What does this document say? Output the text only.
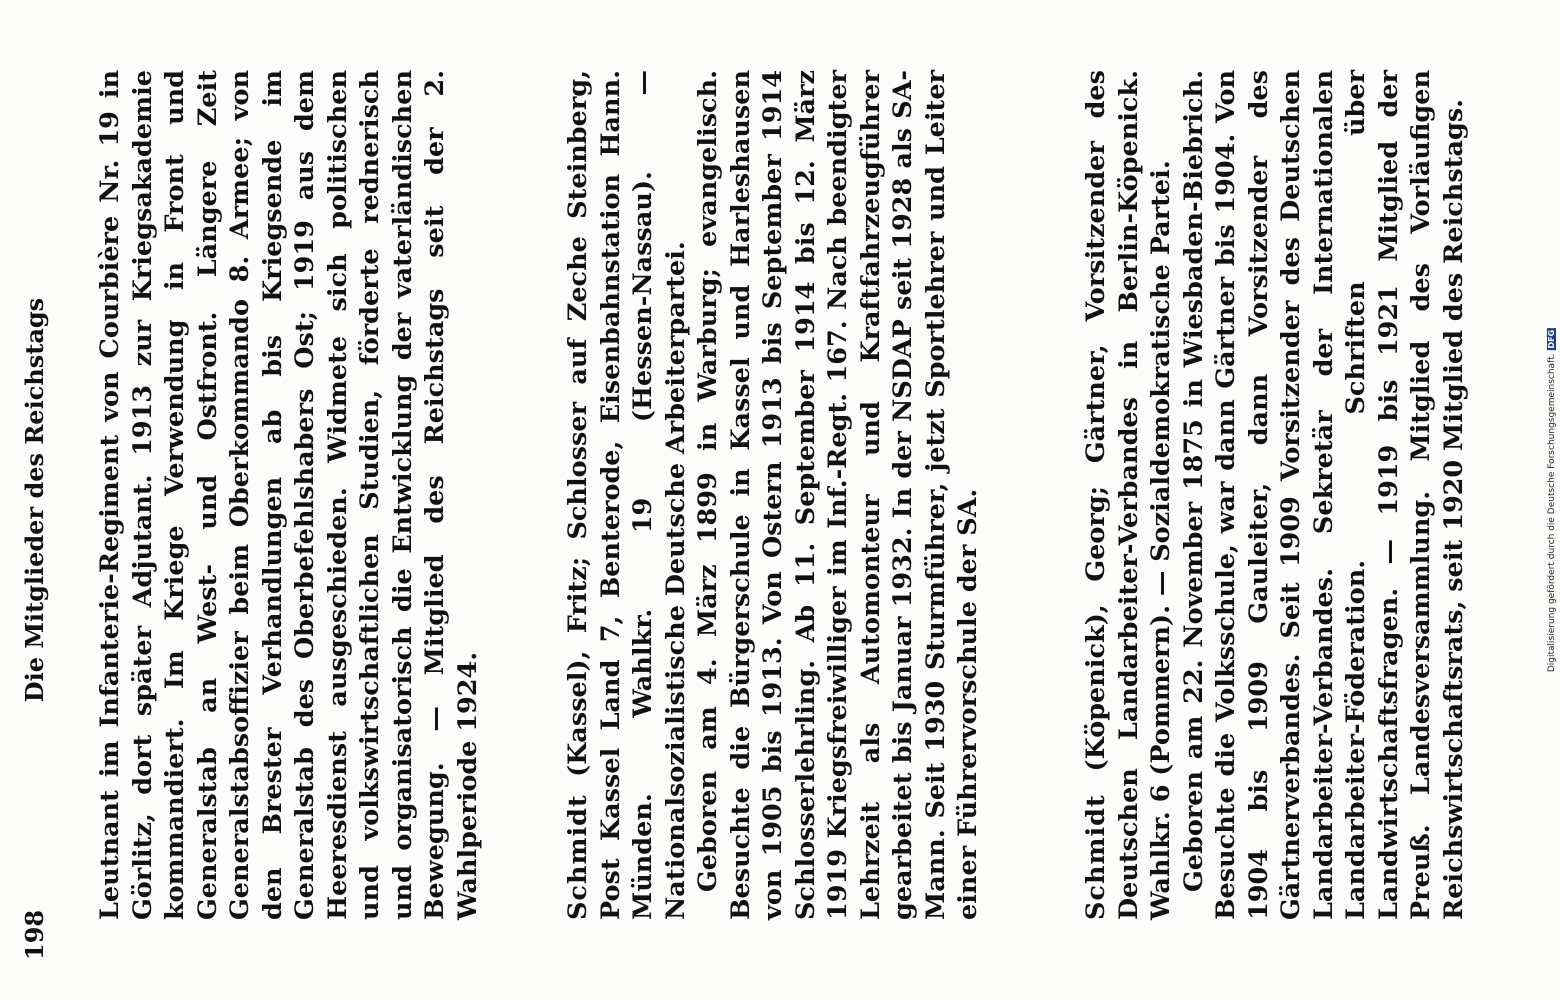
198
Die Mitglieder des Reichstags Leutnant im Infanterie-Regiment von Courbière Nr. 19 in Görlitz, dort später Adjutant. 1913 zur Kriegsakademie kommandiert. Im Kriege Verwendung in Front und Generalstab an West- und Ostfront. Längere Zeit Generalstabsoffizier beim Oberkommando 8. Armee; von den Brester Verhandlungen ab bis Kriegsende im Generalstab des Oberbefehlshabers Ost; 1919 aus dem Heeresdienst ausgeschieden. Widmete sich politischen und volkswirtschaftlichen Studien, förderte rednerisch und organisatorisch die Entwicklung der vaterländischen Bewegung. — Mitglied des Reichstags seit der 2. Wahlperiode 1924.	Schmidt (Kassel), Fritz; Schlosser auf Zeche Steinberg, Post Kassel Land 7, Benterode, Eisenbahnstation Hann. Münden. Wahlkr. 19 (Hessen-Nassau). — Nationalsozialistische Deutsche Arbeiterpartei. Geboren am 4. März 1899 in Warburg; evangelisch. Besuchte die Bürgerschule in Kassel und Harleshausen von 1905 bis 1913. Von Ostern 1913 bis September 1914 Schlosserlehrling. Ab 11. September 1914 bis 12. März 1919 Kriegsfreiwilliger im Inf.-Regt. 167. Nach beendigter Lehrzeit als Automonteur und Kraftfahrzeugführer gearbeitet bis Januar 1932. In der NSDAP seit 1928 als SA-Mann. Seit 1930 Sturmführer, jetzt Sportlehrer und Leiter einer Führervorschule der SA.	Schmidt (Köpenick), Georg; Gärtner, Vorsitzender des Deutschen Landarbeiter-Verbandes in Berlin-Köpenick. Wahlkr. 6 (Pommern). — Sozialdemokratische Partei. Geboren am 22. November 1875 in Wiesbaden-Biebrich. Besuchte die Volksschule, war dann Gärtner bis 1904. Von 1904 bis 1909 Gauleiter, dann Vorsitzender des Gärtnerverbandes. Seit 1909 Vorsitzender des Deutschen Landarbeiter-Verbandes. Sekretär der Internationalen Landarbeiter-Föderation. Schriften über Landwirtschaftsfragen. — 1919 bis 1921 Mitglied der Preuß. Landesversammlung. Mitglied des Vorläufigen Reichswirtschaftsrats, seit 1920 Mitglied des Reichstags.	Digitalisierung gefördert durch die Deutsche Forschungsgemeinschaft.DFG
